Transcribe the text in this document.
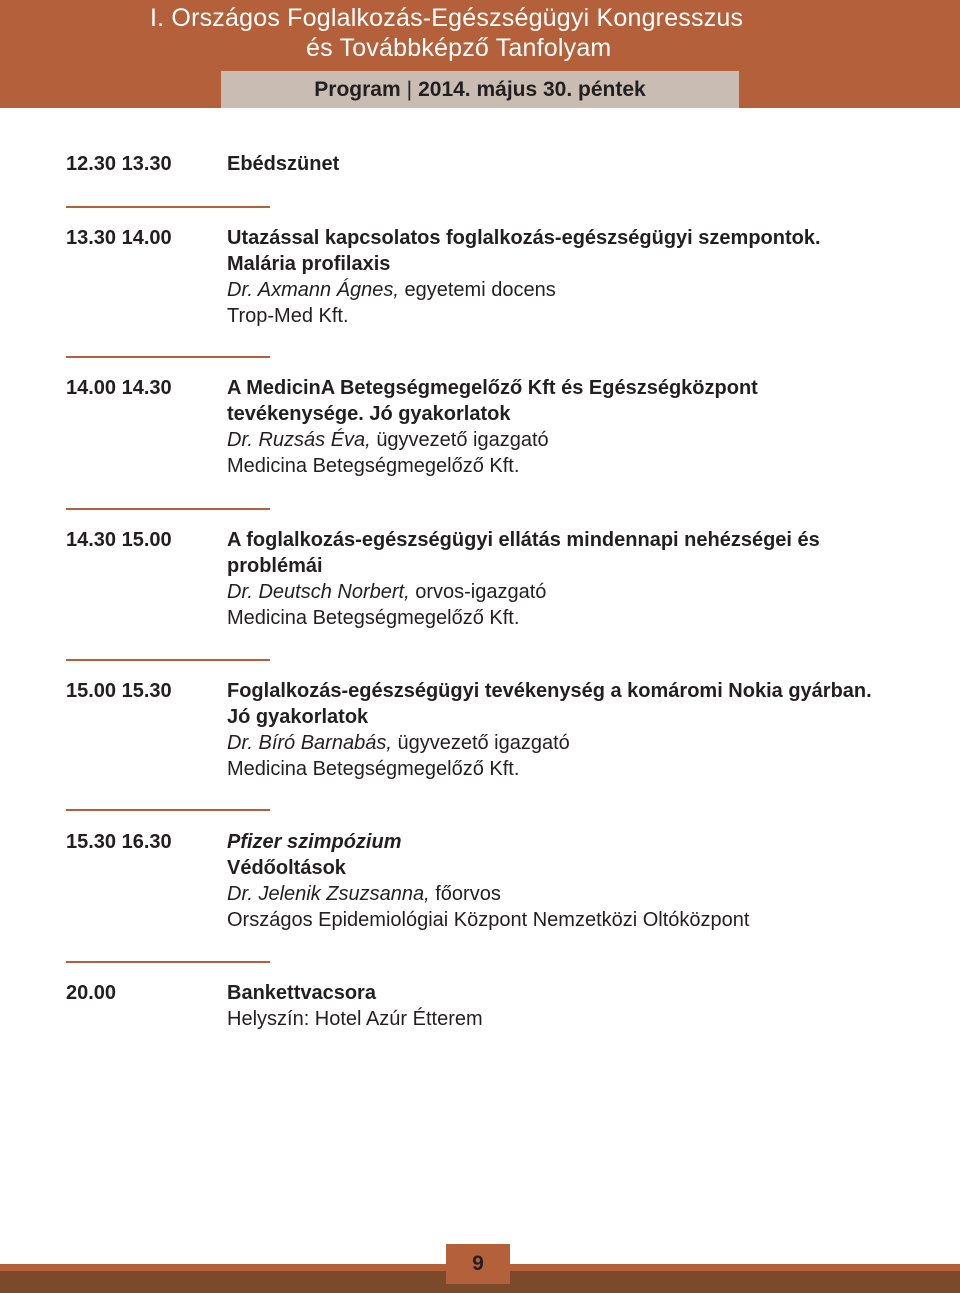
I. Országos Foglalkozás-Egészségügyi Kongresszus
és Továbbképző Tanfolyam
Program | 2014. május 30. péntek
12.30 13.30	Ebédszünet
13.30 14.00	Utazással kapcsolatos foglalkozás-egészségügyi szempontok.
Malária profilaxis
Dr. Axmann Ágnes, egyetemi docens
Trop-Med Kft.
14.00 14.30	A MedicinA Betegségmegelőző Kft és Egészségközpont
tevékenysége. Jó gyakorlatok
Dr. Ruzsás Éva, ügyvezető igazgató
Medicina Betegségmegelőző Kft.
14.30 15.00	A foglalkozás-egészségügyi ellátás mindennapi nehézségei és
problémái
Dr. Deutsch Norbert, orvos-igazgató
Medicina Betegségmegelőző Kft.
15.00 15.30	Foglalkozás-egészségügyi tevékenység a komáromi Nokia gyárban.
Jó gyakorlatok
Dr. Bíró Barnabás, ügyvezető igazgató
Medicina Betegségmegelőző Kft.
15.30 16.30	Pfizer szimpózium
Védőoltások
Dr. Jelenik Zsuzsanna, főorvos
Országos Epidemiológiai Központ Nemzetközi Oltóközpont
20.00	Bankettvacsora
Helyszín: Hotel Azúr Étterem
9
